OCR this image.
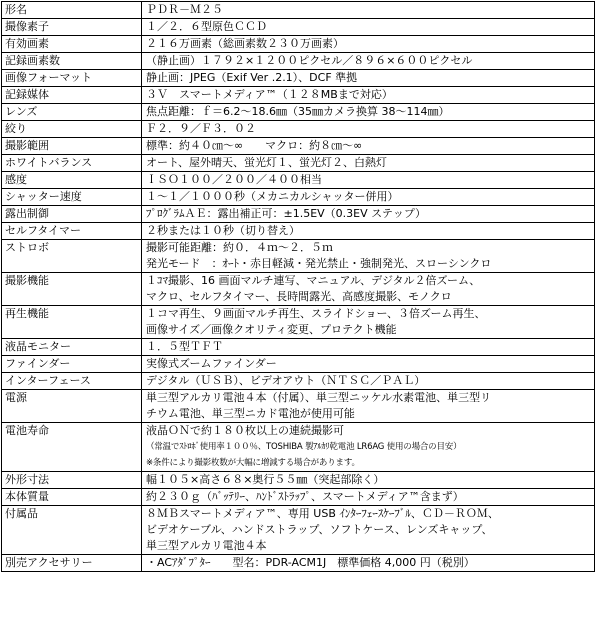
形名	ＰＤＲ－Ｍ２５

撮像素子	１／２．６型原色ＣＣＤ

有効画素	２１６万画素（総画素数２３０万画素）

記録画素数	（静止画）１７９２×１２００ピクセル／８９６×６００ピクセル

画像フォーマット	静止画：JPEG（Exif Ver .2.1）、DCF 準拠

記録媒体	３Ｖ　スマートメディア™（１２８MBまで対応）

レンズ	焦点距離：ｆ＝6.2〜18.6㎜（35㎜カメラ換算 38〜114㎜）

絞り	Ｆ２．９／Ｆ３．０２

撮影範囲	標準：約４０㎝〜∞　　マクロ：約８㎝〜∞

ホワイトバランス	オート、屋外晴天、蛍光灯１、蛍光灯２、白熱灯

感度	ＩＳＯ１００／２００／４００相当

シャッター速度	１〜１／１０００秒（メカニカルシャッター併用）

露出制御	ﾌﾟﾛｸﾞﾗﾑＡＥ：露出補正可：±1.5EV（0.3EV ステップ）

セルフタイマー	２秒または１０秒（切り替え）

ストロボ	撮影可能距離：約０．４ｍ〜２．５ｍ
発光モード　：ｵｰﾄ・赤目軽減・発光禁止・強制発光、スローシンクロ

撮影機能	１ｺﾏ撮影、16 画面マルチ連写、マニュアル、デジタル２倍ズーム、
マクロ、セルフタイマー、長時間露光、高感度撮影、モノクロ

再生機能	１コマ再生、９画面マルチ再生、スライドショー、３倍ズーム再生、
画像サイズ／画像クオリティ変更、プロテクト機能

液晶モニター	１．５型ＴＦＴ

ファインダー	実像式ズームファインダー

インターフェース	デジタル（ＵＳＢ）、ビデオアウト（ＮＴＳＣ／ＰＡＬ）

電源	単三型アルカリ電池４本（付属）、単三型ニッケル水素電池、単三型リ
チウム電池、単三型ニカド電池が使用可能

電池寿命	液晶ＯＮで約１８０枚以上の連続撮影可
（常温でｽﾄﾛﾎﾞ使用率１００％、TOSHIBA 製ｱﾙｶﾘ乾電池 LR6AG 使用の場合の目安）
※条件により撮影枚数が大幅に増減する場合があります。

外形寸法	幅１０５×高さ６８×奥行５５㎜（突起部除く）

本体質量	約２３０ｇ（ﾊﾞｯﾃﾘｰ、ﾊﾝﾄﾞｽﾄﾗｯﾌﾟ、スマートメディア™含まず）

付属品	８ＭＢスマートメディア™、専用 USB ｲﾝﾀｰﾌｪｰｽｹｰﾌﾞﾙ、ＣＤ－ＲＯＭ、
ビデオケーブル、ハンドストラップ、ソフトケース、レンズキャップ、
単三型アルカリ電池４本

別売アクセサリー	・ACｱﾀﾞﾌﾟﾀｰ　　型名：PDR-ACM1J　標準価格 4,000 円（税別）
